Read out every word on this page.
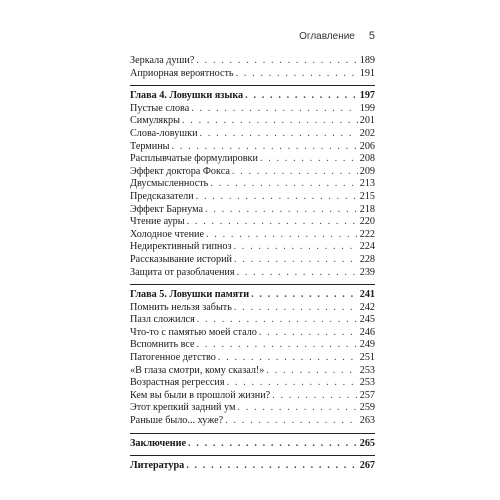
Оглавление 5
Зеркала души? . . .	189
Априорная вероятность . . .	191
Глава 4. Ловушки языка . . .	197
Пустые слова . . .	199
Симулякры . . .	201
Слова-ловушки . . .	202
Термины . . .	206
Расплывчатые формулировки . . .	208
Эффект доктора Фокса . . .	209
Двусмысленность . . .	213
Предсказатели . . .	215
Эффект Барнума . . .	218
Чтение ауры . . .	220
Холодное чтение . . .	222
Недирективный гипноз . . .	224
Рассказывание историй . . .	228
Защита от разоблачения . . .	239
Глава 5. Ловушки памяти . . .	241
Помнить нельзя забыть . . .	242
Пазл сложился . . .	245
Что-то с памятью моей стало . . .	246
Вспомнить все . . .	249
Патогенное детство . . .	251
«В глаза смотри, кому сказал!» . . .	253
Возрастная регрессия . . .	253
Кем вы были в прошлой жизни? . . .	257
Этот крепкий задний ум . . .	259
Раньше было... хуже? . . .	263
Заключение . . .	265
Литература . . .	267
